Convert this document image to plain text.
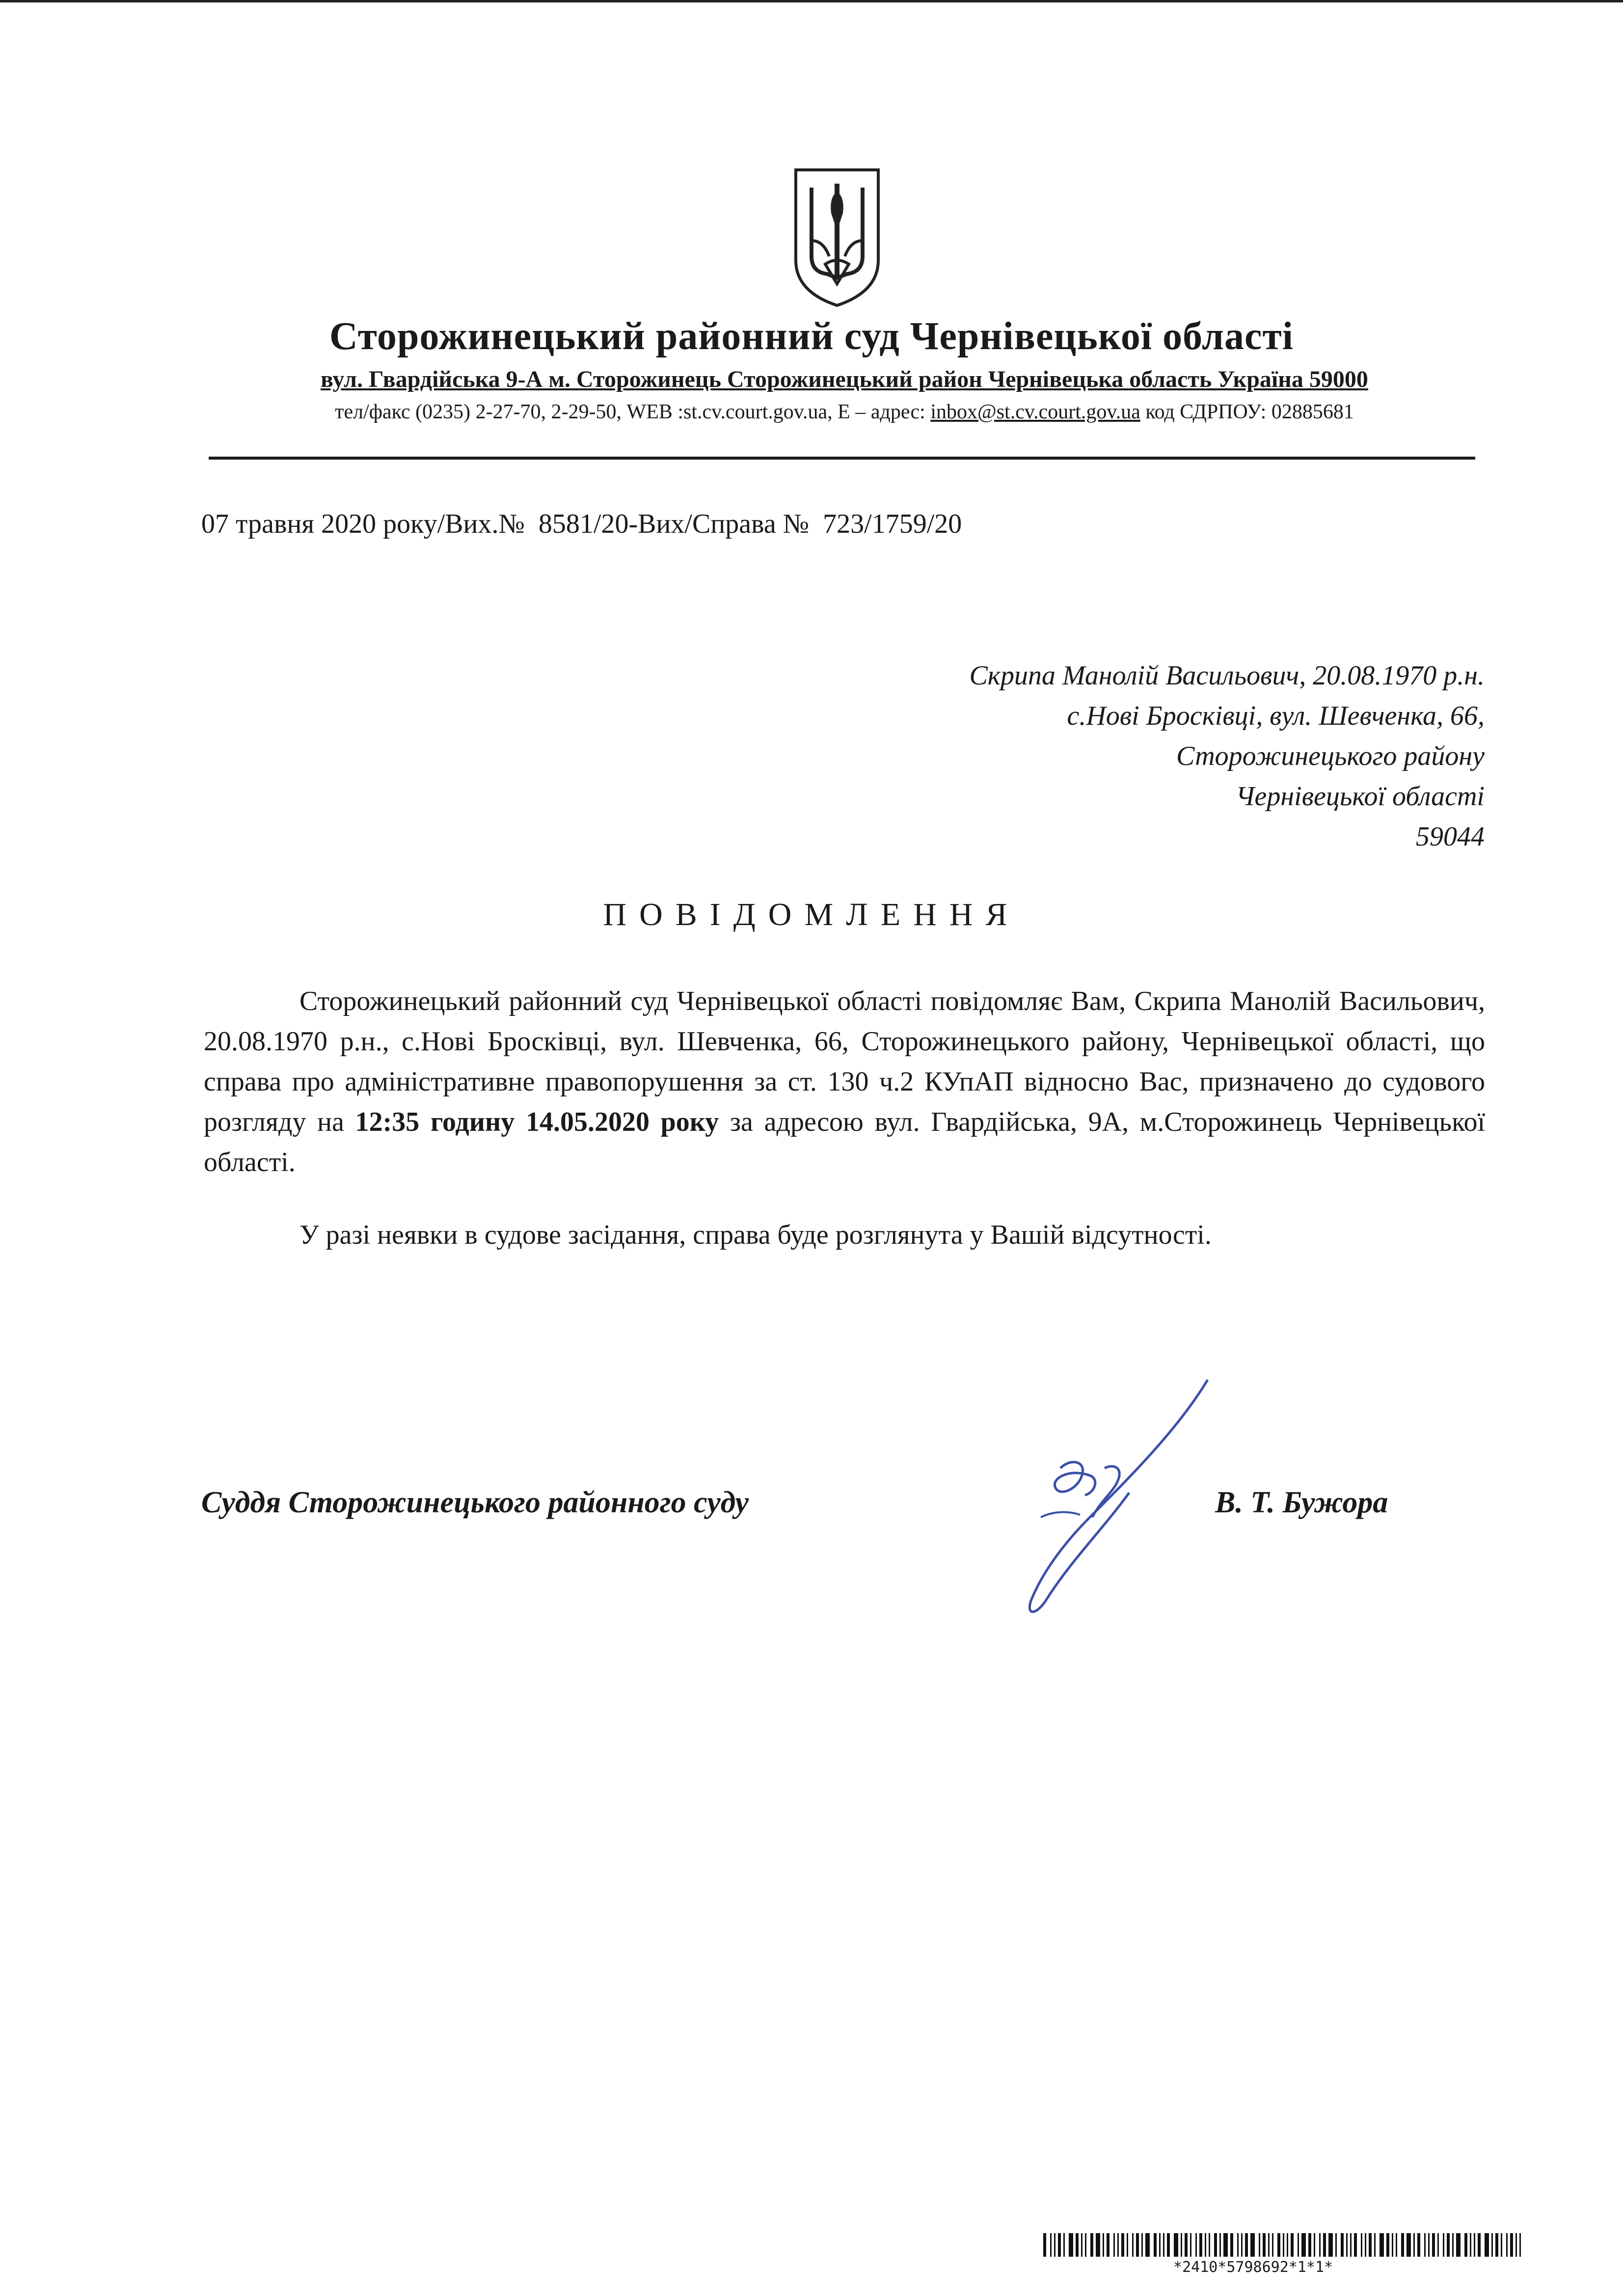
Сторожинецький районний суд Чернівецької області
вул. Гвардійська 9-А м. Сторожинець Сторожинецький район Чернівецька область Україна 59000
тел/факс (0235) 2-27-70, 2-29-50, WEB :st.cv.court.gov.ua, Е – адрес: inbox@st.cv.court.gov.ua код СДРПОУ: 02885681
07 травня 2020 року/Вих.№  8581/20-Вих/Справа №  723/1759/20
Скрипа Манолій Васильович, 20.08.1970 р.н.
с.Нові Бросківці, вул. Шевченка, 66,
Сторожинецького району
Чернівецької області
59044
ПОВІДОМЛЕННЯ

Сторожинецький районний суд Чернівецької області повідомляє Вам, Скрипа Манолій Васильович, 20.08.1970 р.н., с.Нові Бросківці, вул. Шевченка, 66, Сторожинецького району, Чернівецької області, що справа про адміністративне правопорушення за ст. 130 ч.2 КУпАП відносно Вас, призначено до судового розгляду на 12:35 годину 14.05.2020 року за адресою вул. Гвардійська, 9А, м.Сторожинець Чернівецької області.

У разі неявки в судове засідання, справа буде розглянута у Вашій відсутності.

Суддя Сторожинецького районного суду	В. Т. Бужора
*2410*5798692*1*1*
